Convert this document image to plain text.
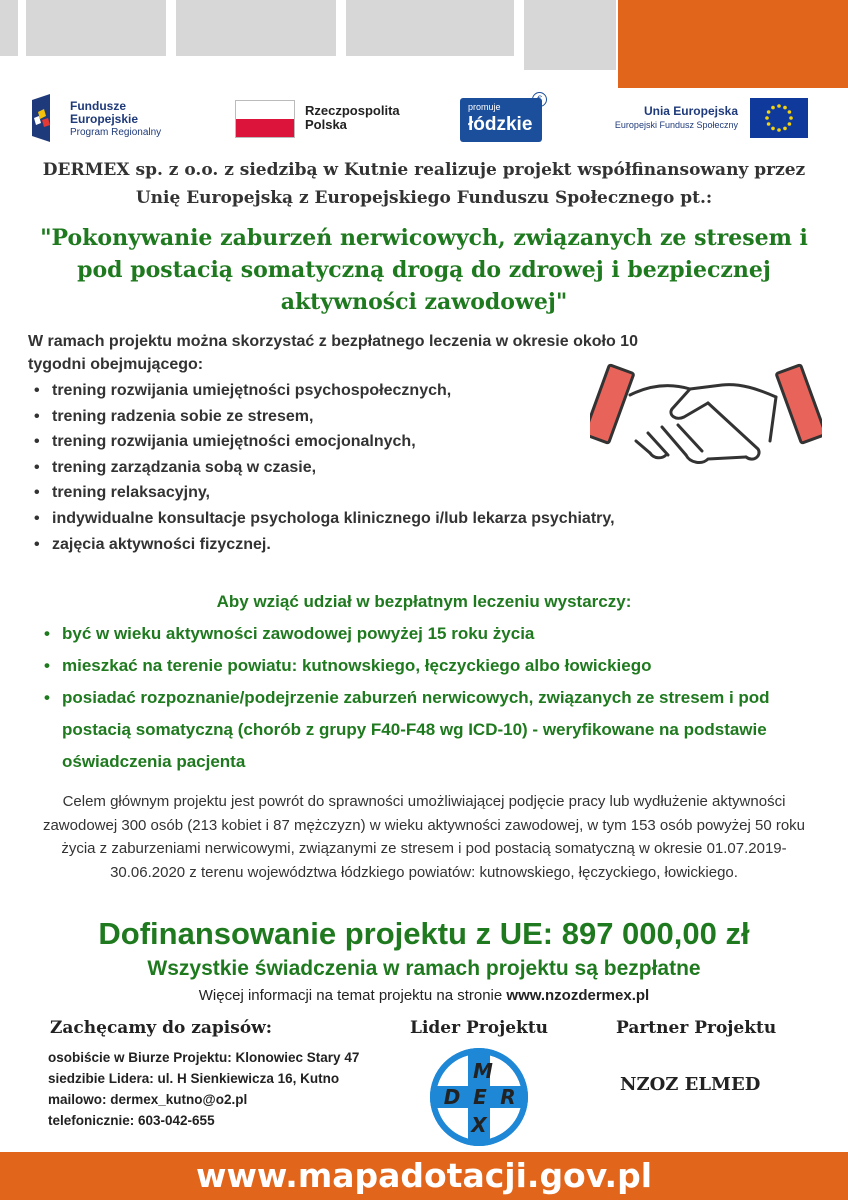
Fundusze
Europejskie
Program Regionalny
Rzeczpospolita
Polska
promuje
łódzkie
€
Unia Europejska
Europejski Fundusz Społeczny
DERMEX sp. z o.o. z siedzibą w Kutnie realizuje projekt współfinansowany przez Unię Europejską z Europejskiego Funduszu Społecznego pt.:
"Pokonywanie zaburzeń nerwicowych, związanych ze stresem i pod postacią somatyczną drogą do zdrowej i bezpiecznej aktywności zawodowej"
W ramach projektu można skorzystać z bezpłatnego leczenia w okresie około 10 tygodni obejmującego:
• trening rozwijania umiejętności psychospołecznych,
• trening radzenia sobie ze stresem,
• trening rozwijania umiejętności emocjonalnych,
• trening zarządzania sobą w czasie,
• trening relaksacyjny,
• indywidualne konsultacje psychologa klinicznego i/lub lekarza psychiatry,
• zajęcia aktywności fizycznej.
Aby wziąć udział w bezpłatnym leczeniu wystarczy:
• być w wieku aktywności zawodowej powyżej 15 roku życia
• mieszkać na terenie powiatu: kutnowskiego, łęczyckiego albo łowickiego
• posiadać rozpoznanie/podejrzenie zaburzeń nerwicowych, związanych ze stresem i pod postacią somatyczną (chorób z grupy F40-F48 wg ICD-10) - weryfikowane na podstawie oświadczenia pacjenta
Celem głównym projektu jest powrót do sprawności umożliwiającej podjęcie pracy lub wydłużenie aktywności zawodowej 300 osób (213 kobiet i 87 mężczyzn) w wieku aktywności zawodowej, w tym 153 osób powyżej 50 roku życia z zaburzeniami nerwicowymi, związanymi ze stresem i pod postacią somatyczną w okresie 01.07.2019-30.06.2020 z terenu województwa łódzkiego powiatów: kutnowskiego, łęczyckiego, łowickiego.
Dofinansowanie projektu z UE: 897 000,00 zł
Wszystkie świadczenia w ramach projektu są bezpłatne
Więcej informacji na temat projektu na stronie www.nzozdermex.pl
Zachęcamy do zapisów:
osobiście w Biurze Projektu: Klonowiec Stary 47
siedzibie Lidera: ul. H Sienkiewicza 16, Kutno
mailowo: dermex_kutno@o2.pl
telefonicznie: 603-042-655
Lider Projektu
M
D E R
X
Partner Projektu
NZOZ ELMED
www.mapadotacji.gov.pl
